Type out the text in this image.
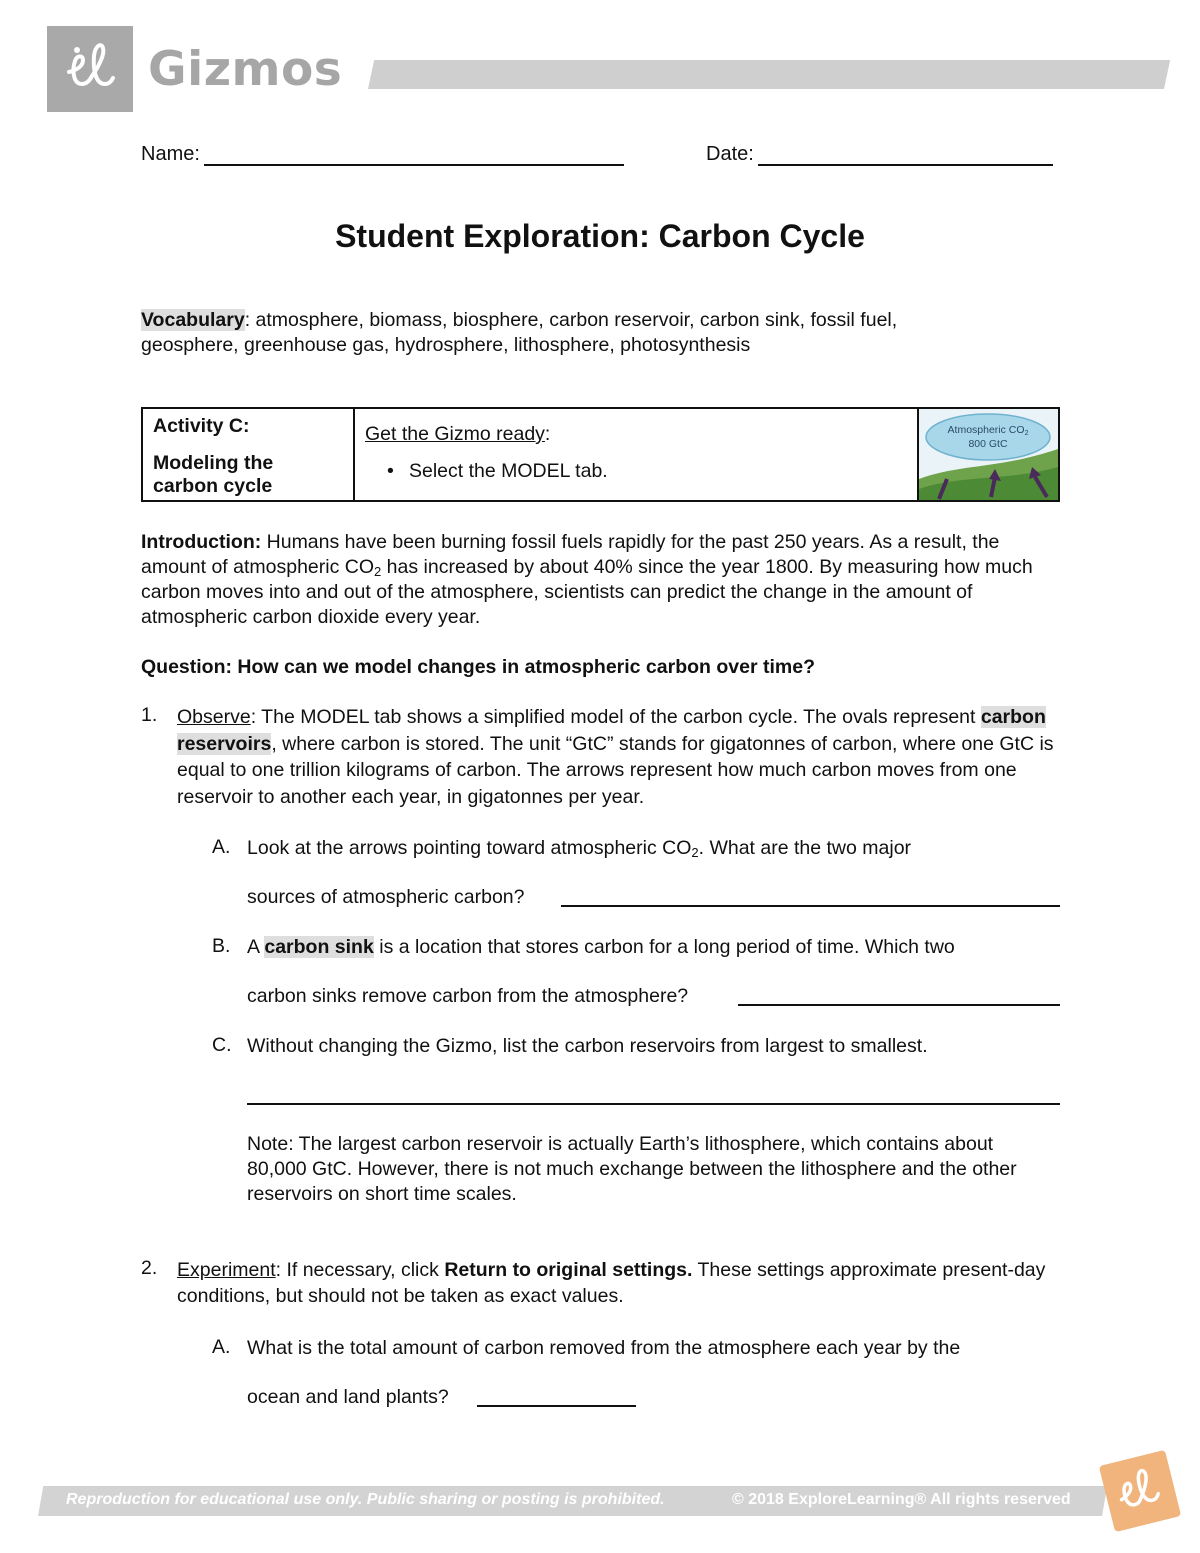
Gizmos
Name:	Date:
Student Exploration: Carbon Cycle
Vocabulary: atmosphere, biomass, biosphere, carbon reservoir, carbon sink, fossil fuel,
geosphere, greenhouse gas, hydrosphere, lithosphere, photosynthesis
Activity C:
Modeling the carbon cycle
Get the Gizmo ready:
• Select the MODEL tab.
Atmospheric CO2
800 GtC
Introduction: Humans have been burning fossil fuels rapidly for the past 250 years. As a result, the amount of atmospheric $CO_2$ has increased by about 40% since the year 1800. By measuring how much carbon moves into and out of the atmosphere, scientists can predict the change in the amount of atmospheric carbon dioxide every year.
Question: How can we model changes in atmospheric carbon over time?
1. Observe: The MODEL tab shows a simplified model of the carbon cycle. The ovals represent carbon reservoirs, where carbon is stored. The unit “GtC” stands for gigatonnes of carbon, where one GtC is equal to one trillion kilograms of carbon. The arrows represent how much carbon moves from one reservoir to another each year, in gigatonnes per year.
A. Look at the arrows pointing toward atmospheric $CO_2$. What are the two major
sources of atmospheric carbon?
B. A carbon sink is a location that stores carbon for a long period of time. Which two
carbon sinks remove carbon from the atmosphere?
C. Without changing the Gizmo, list the carbon reservoirs from largest to smallest.
Note: The largest carbon reservoir is actually Earth’s lithosphere, which contains about 80,000 GtC. However, there is not much exchange between the lithosphere and the other reservoirs on short time scales.
2. Experiment: If necessary, click Return to original settings. These settings approximate present-day conditions, but should not be taken as exact values.
A. What is the total amount of carbon removed from the atmosphere each year by the
ocean and land plants?
Reproduction for educational use only. Public sharing or posting is prohibited.	© 2018 ExploreLearning® All rights reserved
